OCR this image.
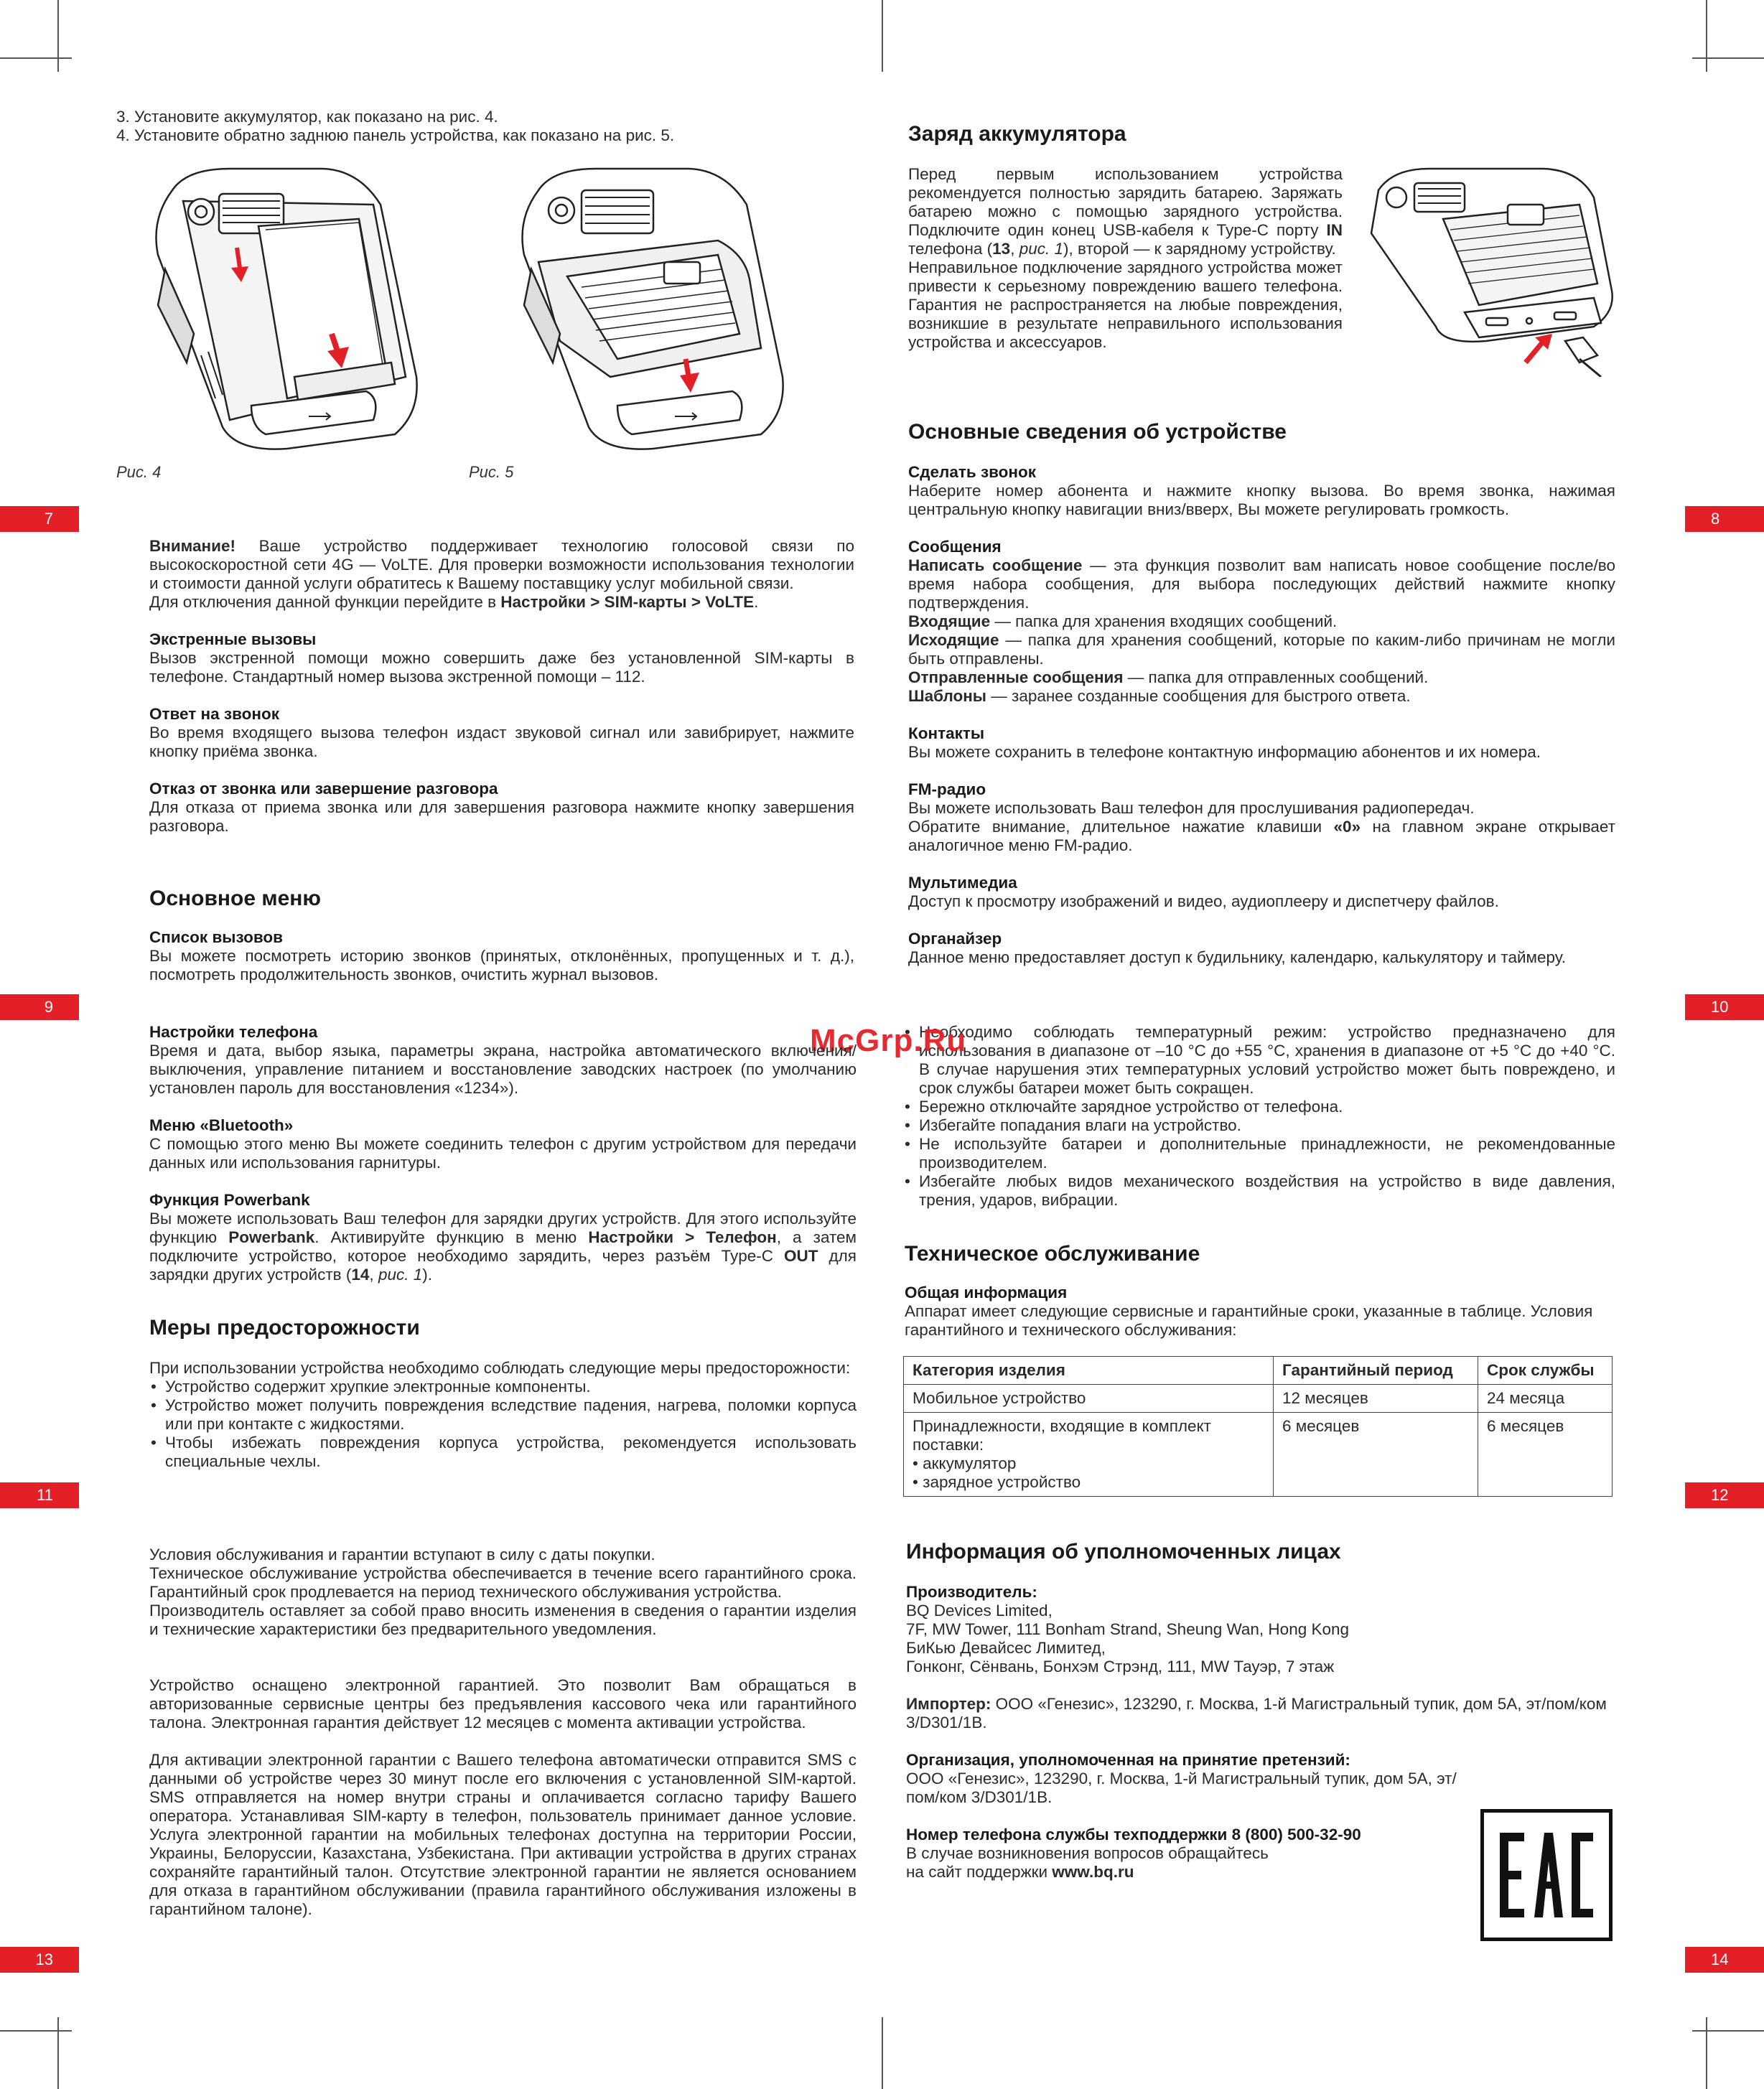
7	8
9	10
11	12
13	14

3. Установите аккумулятор, как показано на рис. 4.

4. Установите обратно заднюю панель устройства, как показано на рис. 5.

Рис. 4	Рис. 5
Заряд аккумулятора

Перед первым использованием устройства рекомендуется полностью зарядить батарею. Заряжать батарею можно с помощью зарядного устройства. Подключите один конец USB-кабеля к Type-C порту IN телефона (13, рис. 1), второй — к зарядному устройству.

Неправильное подключение зарядного устройства может привести к серьезному повреждению вашего телефона. Гарантия не распространяется на любые повреждения, возникшие в результате неправильного использования устройства и аксессуаров.

Основные сведения об устройстве

Сделать звонок

Наберите номер абонента и нажмите кнопку вызова. Во время звонка, нажимая центральную кнопку навигации вниз/вверх, Вы можете регулировать громкость.

Сообщения

Написать сообщение — эта функция позволит вам написать новое сообщение после/во время набора сообщения, для выбора последующих действий нажмите кнопку подтверждения.

Входящие — папка для хранения входящих сообщений.

Исходящие — папка для хранения сообщений, которые по каким-либо причинам не могли быть отправлены.

Отправленные сообщения — папка для отправленных сообщений.

Шаблоны — заранее созданные сообщения для быстрого ответа.

Контакты

Вы можете сохранить в телефоне контактную информацию абонентов и их номера.

FM-радио

Вы можете использовать Ваш телефон для прослушивания радиопередач.

Обратите внимание, длительное нажатие клавиши «0» на главном экране открывает аналогичное меню FM-радио.

Мультимедиа

Доступ к просмотру изображений и видео, аудиоплееру и диспетчеру файлов.

Органайзер

Данное меню предоставляет доступ к будильнику, календарю, калькулятору и таймеру.

Внимание! Ваше устройство поддерживает технологию голосовой связи по высокоскоростной сети 4G — VoLTE. Для проверки возможности использования технологии и стоимости данной услуги обратитесь к Вашему поставщику услуг мобильной связи.

Для отключения данной функции перейдите в Настройки > SIM-карты > VoLTE.

Экстренные вызовы

Вызов экстренной помощи можно совершить даже без установленной SIM-карты в телефоне. Стандартный номер вызова экстренной помощи – 112.

Ответ на звонок

Во время входящего вызова телефон издаст звуковой сигнал или завибрирует, нажмите кнопку приёма звонка.

Отказ от звонка или завершение разговора

Для отказа от приема звонка или для завершения разговора нажмите кнопку завершения разговора.

Основное меню

Список вызовов

Вы можете посмотреть историю звонков (принятых, отклонённых, пропущенных и т. д.), посмотреть продолжительность звонков, очистить журнал вызовов.

• Необходимо соблюдать температурный режим: устройство предназначено для использования в диапазоне от –10 °C до +55 °C, хранения в диапазоне от +5 °C до +40 °C. В случае нарушения этих температурных условий устройство может быть повреждено, и срок службы батареи может быть сокращен.
• Бережно отключайте зарядное устройство от телефона.
• Избегайте попадания влаги на устройство.
• Не используйте батареи и дополнительные принадлежности, не рекомендованные производителем.
• Избегайте любых видов механического воздействия на устройство в виде давления, трения, ударов, вибрации.
McGrp.Ru
Техническое обслуживание

Общая информация

Аппарат имеет следующие сервисные и гарантийные сроки, указанные в таблице. Условия гарантийного и технического обслуживания:

Категория изделия	Гарантийный период	Срок службы
Мобильное устройство	12 месяцев	24 месяца
Принадлежности, входящие в комплект поставки:
• аккумулятор
• зарядное устройство	6 месяцев	6 месяцев

Настройки телефона

Время и дата, выбор языка, параметры экрана, настройка автоматического включения/выключения, управление питанием и восстановление заводских настроек (по умолчанию установлен пароль для восстановления «1234»).

Меню «Bluetooth»

С помощью этого меню Вы можете соединить телефон с другим устройством для передачи данных или использования гарнитуры.

Функция Powerbank

Вы можете использовать Ваш телефон для зарядки других устройств. Для этого используйте функцию Powerbank. Активируйте функцию в меню Настройки > Телефон, а затем подключите устройство, которое необходимо зарядить, через разъём Type-C OUT для зарядки других устройств (14, рис. 1).

Меры предосторожности

При использовании устройства необходимо соблюдать следующие меры предосторожности:

• Устройство содержит хрупкие электронные компоненты.
• Устройство может получить повреждения вследствие падения, нагрева, поломки корпуса или при контакте с жидкостями.
• Чтобы избежать повреждения корпуса устройства, рекомендуется использовать специальные чехлы.

Условия обслуживания и гарантии вступают в силу с даты покупки.

Техническое обслуживание устройства обеспечивается в течение всего гарантийного срока. Гарантийный срок продлевается на период технического обслуживания устройства.

Производитель оставляет за собой право вносить изменения в сведения о гарантии изделия и технические характеристики без предварительного уведомления.

Устройство оснащено электронной гарантией. Это позволит Вам обращаться в авторизованные сервисные центры без предъявления кассового чека или гарантийного талона. Электронная гарантия действует 12 месяцев с момента активации устройства.

Для активации электронной гарантии с Вашего телефона автоматически отправится SMS с данными об устройстве через 30 минут после его включения с установленной SIM-картой. SMS отправляется на номер внутри страны и оплачивается согласно тарифу Вашего оператора. Устанавливая SIM-карту в телефон, пользователь принимает данное условие. Услуга электронной гарантии на мобильных телефонах доступна на территории России, Украины, Белоруссии, Казахстана, Узбекистана. При активации устройства в других странах сохраняйте гарантийный талон. Отсутствие электронной гарантии не является основанием для отказа в гарантийном обслуживании (правила гарантийного обслуживания изложены в гарантийном талоне).

Информация об уполномоченных лицах

Производитель:

BQ Devices Limited,

7F, MW Tower, 111 Bonham Strand, Sheung Wan, Hong Kong

БиКью Девайсес Лимитед,

Гонконг, Сёнвань, Бонхэм Стрэнд, 111, MW Тауэр, 7 этаж

Импортер: ООО «Генезис», 123290, г. Москва, 1-й Магистральный тупик, дом 5А, эт/пом/ком 3/D301/1B.

Организация, уполномоченная на принятие претензий:

ООО «Генезис», 123290, г. Москва, 1-й Магистральный тупик, дом 5А, эт/пом/ком 3/D301/1B.

Номер телефона службы техподдержки 8 (800) 500-32-90

В случае возникновения вопросов обращайтесь

на сайт поддержки www.bq.ru
